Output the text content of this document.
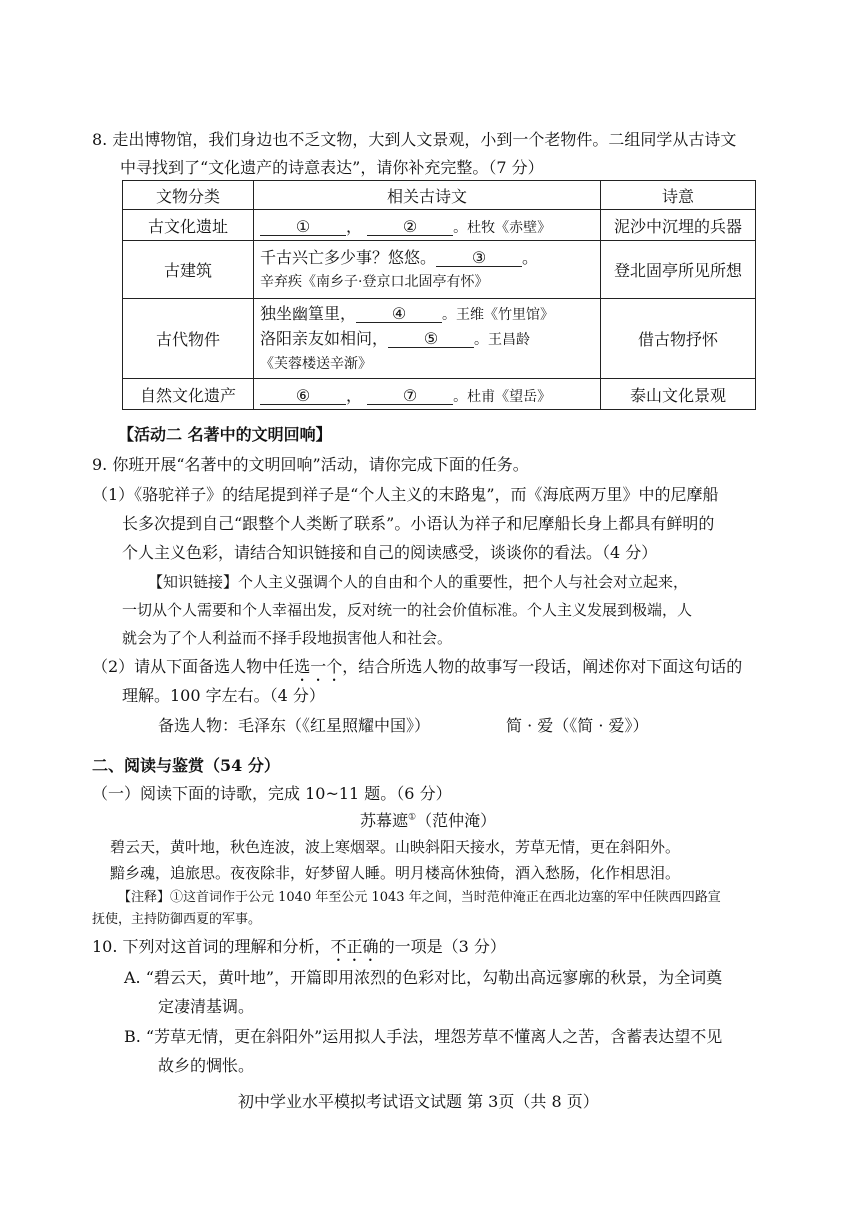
8. 走出博物馆，我们身边也不乏文物，大到人文景观，小到一个老物件。二组同学从古诗文
中寻找到了“文化遗产的诗意表达”，请你补充完整。（7 分）
文物分类	相关古诗文	诗意
古文化遗址	① ， ② 。杜牧《赤壁》	泥沙中沉埋的兵器
古建筑	千古兴亡多少事？悠悠。 ③ 。
辛弃疾《南乡子·登京口北固亭有怀》	登北固亭所见所想
古代物件	独坐幽篁里， ④ 。王维《竹里馆》
洛阳亲友如相问， ⑤ 。王昌龄
《芙蓉楼送辛渐》	借古物抒怀
自然文化遗产	⑥ ， ⑦ 。杜甫《望岳》	泰山文化景观
【活动二 名著中的文明回响】
9. 你班开展“名著中的文明回响”活动，请你完成下面的任务。
（1）《骆驼祥子》的结尾提到祥子是“个人主义的末路鬼”，而《海底两万里》中的尼摩船
长多次提到自己“跟整个人类断了联系”。小语认为祥子和尼摩船长身上都具有鲜明的
个人主义色彩，请结合知识链接和自己的阅读感受，谈谈你的看法。（4 分）
【知识链接】个人主义强调个人的自由和个人的重要性，把个人与社会对立起来，
一切从个人需要和个人幸福出发，反对统一的社会价值标准。个人主义发展到极端，人
就会为了个人利益而不择手段地损害他人和社会。
（2）请从下面备选人物中任选一个，结合所选人物的故事写一段话，阐述你对下面这句话的
理解。100 字左右。（4 分）
备选人物：毛泽东（《红星照耀中国》）	简 · 爱（《简 · 爱》）
二、阅读与鉴赏（54 分）
（一）阅读下面的诗歌，完成 10~11 题。（6 分）
苏幕遮①（范仲淹）
碧云天，黄叶地，秋色连波，波上寒烟翠。山映斜阳天接水，芳草无情，更在斜阳外。
黯乡魂，追旅思。夜夜除非，好梦留人睡。明月楼高休独倚，酒入愁肠，化作相思泪。
【注释】①这首词作于公元 1040 年至公元 1043 年之间，当时范仲淹正在西北边塞的军中任陕西四路宣
抚使，主持防御西夏的军事。
10. 下列对这首词的理解和分析，不正确的一项是（3 分）
A. “碧云天，黄叶地”，开篇即用浓烈的色彩对比，勾勒出高远寥廓的秋景，为全词奠
定凄清基调。
B. “芳草无情，更在斜阳外”运用拟人手法，埋怨芳草不懂离人之苦，含蓄表达望不见
故乡的惆怅。
初中学业水平模拟考试语文试题 第 3页（共 8 页）
